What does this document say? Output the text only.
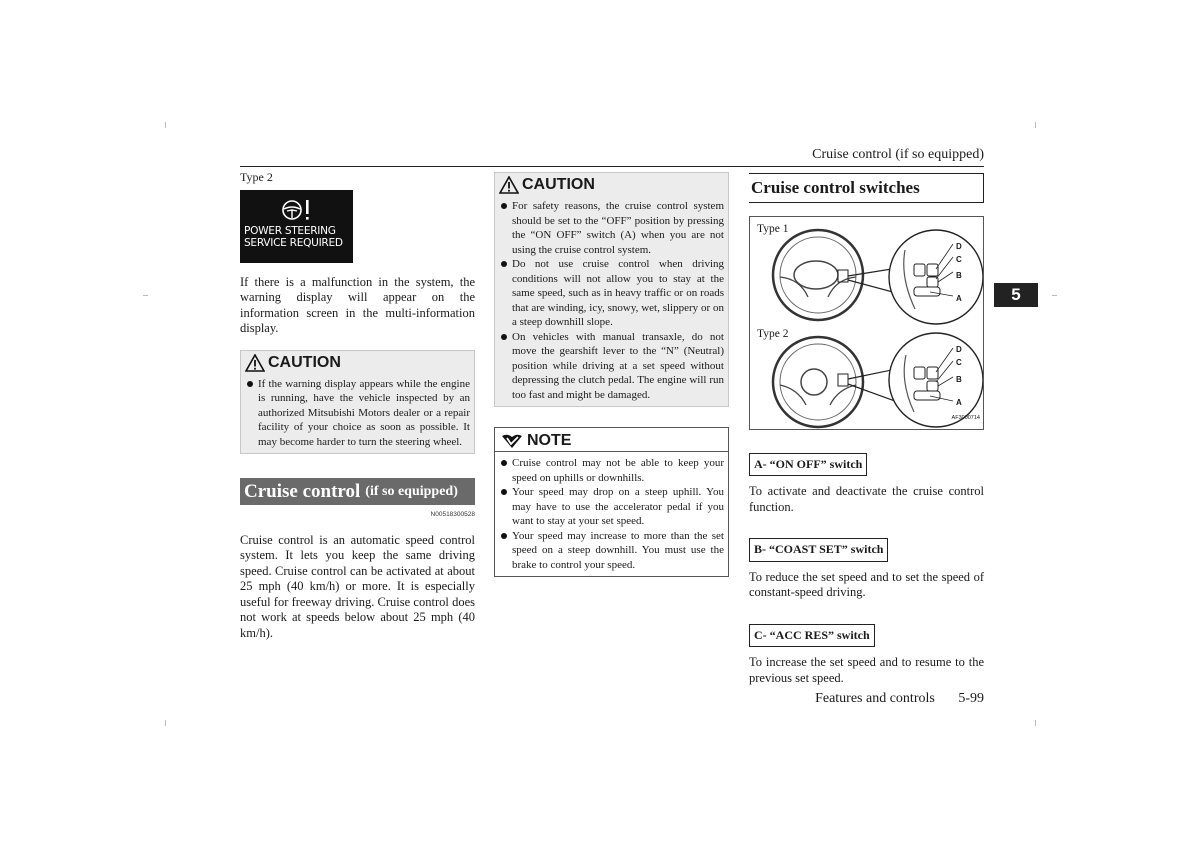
Cruise control (if so equipped)
5
Type 2
POWER STEERING
SERVICE REQUIRED
If there is a malfunction in the system, the warning display will appear on the information screen in the multi-information display.
CAUTION
If the warning display appears while the engine is running, have the vehicle inspected by an authorized Mitsubishi Motors dealer or a repair facility of your choice as soon as possible. It may become harder to turn the steering wheel.
Cruise control (if so equipped)
N00518300528
Cruise control is an automatic speed control system. It lets you keep the same driving speed. Cruise control can be activated at about 25 mph (40 km/h) or more. It is especially useful for freeway driving. Cruise control does not work at speeds below about 25 mph (40 km/h).
CAUTION
For safety reasons, the cruise control system should be set to the “OFF” position by pressing the “ON OFF” switch (A) when you are not using the cruise control system.
Do not use cruise control when driving conditions will not allow you to stay at the same speed, such as in heavy traffic or on roads that are winding, icy, snowy, wet, slippery or on a steep downhill slope.
On vehicles with manual transaxle, do not move the gearshift lever to the “N” (Neutral) position while driving at a set speed without depressing the clutch pedal. The engine will run too fast and might be damaged.
NOTE
Cruise control may not be able to keep your speed on uphills or downhills.
Your speed may drop on a steep uphill. You may have to use the accelerator pedal if you want to stay at your set speed.
Your speed may increase to more than the set speed on a steep downhill. You must use the brake to control your speed.
Cruise control switches
Type 1
Type 2
D
C
B
A
D
C
B
A
AF3000714
A- “ON OFF” switch
To activate and deactivate the cruise control function.
B- “COAST SET” switch
To reduce the set speed and to set the speed of constant-speed driving.
C- “ACC RES” switch
To increase the set speed and to resume to the previous set speed.
Features and controls 5-99
